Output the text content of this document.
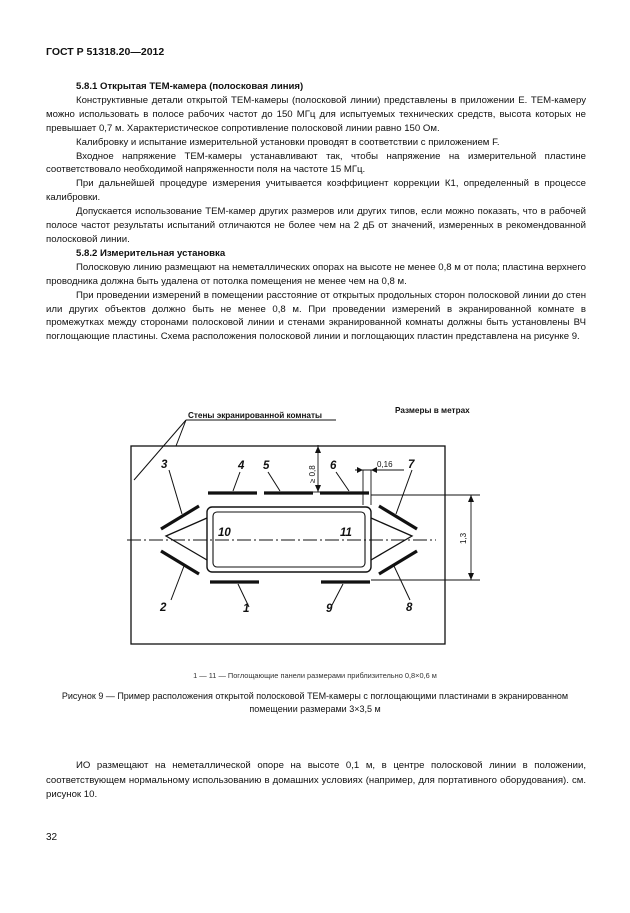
ГОСТ Р 51318.20—2012

5.8.1 Открытая ТЕМ-камера (полосковая линия)

Конструктивные детали открытой ТЕМ-камеры (полосковой линии) представлены в приложении Е. ТЕМ-камеру можно использовать в полосе рабочих частот до 150 МГц для испытуемых технических средств, высота которых не превышает 0,7 м. Характеристическое сопротивление полосковой линии равно 150 Ом.

Калибровку и испытание измерительной установки проводят в соответствии с приложением F.

Входное напряжение ТЕМ-камеры устанавливают так, чтобы напряжение на измерительной пластине соответствовало необходимой напряженности поля на частоте 15 МГц.

При дальнейшей процедуре измерения учитывается коэффициент коррекции К1, определенный в процессе калибровки.

Допускается использование ТЕМ-камер других размеров или других типов, если можно показать, что в рабочей полосе частот результаты испытаний отличаются не более чем на 2 дБ от значений, измеренных в рекомендованной полосковой линии.

5.8.2 Измерительная установка

Полосковую линию размещают на неметаллических опорах на высоте не менее 0,8 м от пола; пластина верхнего проводника должна быть удалена от потолка помещения не менее чем на 0,8 м.

При проведении измерений в помещении расстояние от открытых продольных сторон полосковой линии до стен или других объектов должно быть не менее 0,8 м. При проведении измерений в экранированной комнате в промежутках между сторонами полосковой линии и стенами экранированной комнаты должны быть установлены ВЧ поглощающие пластины. Схема расположения полосковой линии и поглощающих пластин представлена на рисунке 9.

Стены экранированной комнаты
Размеры в метрах
≥ 0,8
0,16
1,3
3	4 5	6	7
10	11
2	1	9	8
1 — 11 — Поглощающие панели размерами приблизительно 0,8×0,6 м
Рисунок 9 — Пример расположения открытой полосковой ТЕМ-камеры с поглощающими пластинами в экранированном помещении размерами 3×3,5 м

ИО размещают на неметаллической опоре на высоте 0,1 м, в центре полосковой линии в положении, соответствующем нормальному использованию в домашних условиях (например, для портативного оборудования). см. рисунок 10.

32
